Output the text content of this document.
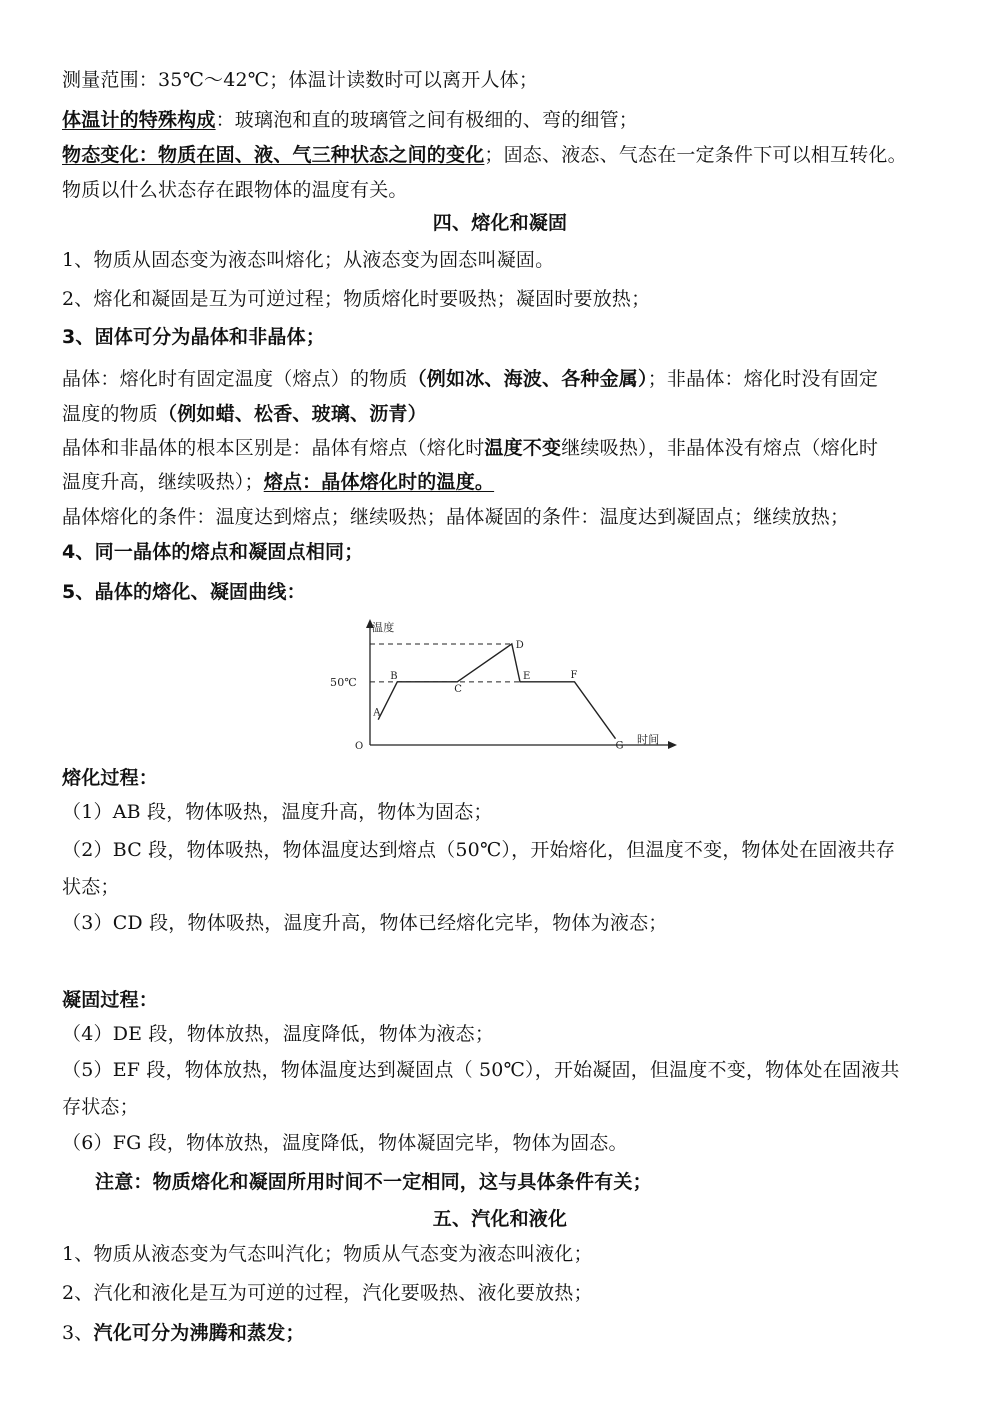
测量范围：35℃～42℃；体温计读数时可以离开人体；
体温计的特殊构成：玻璃泡和直的玻璃管之间有极细的、弯的细管；
物态变化：物质在固、液、气三种状态之间的变化；固态、液态、气态在一定条件下可以相互转化。
物质以什么状态存在跟物体的温度有关。
四、熔化和凝固
1、物质从固态变为液态叫熔化；从液态变为固态叫凝固。
2、熔化和凝固是互为可逆过程；物质熔化时要吸热；凝固时要放热；
3、固体可分为晶体和非晶体；
晶体：熔化时有固定温度（熔点）的物质（例如冰、海波、各种金属）；非晶体：熔化时没有固定
温度的物质（例如蜡、松香、玻璃、沥青）
晶体和非晶体的根本区别是：晶体有熔点（熔化时温度不变继续吸热），非晶体没有熔点（熔化时
温度升高，继续吸热）；熔点：晶体熔化时的温度。
晶体熔化的条件：温度达到熔点；继续吸热；晶体凝固的条件：温度达到凝固点；继续放热；
4、同一晶体的熔点和凝固点相同；
5、晶体的熔化、凝固曲线：
温度
时间
50℃
O
A
B
C
D
E	F
G
熔化过程：
（1）AB 段，物体吸热，温度升高，物体为固态；
（2）BC 段，物体吸热，物体温度达到熔点（50℃），开始熔化，但温度不变，物体处在固液共存
状态；
（3）CD 段，物体吸热，温度升高，物体已经熔化完毕，物体为液态；
凝固过程：
（4）DE 段，物体放热，温度降低，物体为液态；
（5）EF 段，物体放热，物体温度达到凝固点（ 50℃），开始凝固，但温度不变，物体处在固液共
存状态；
（6）FG 段，物体放热，温度降低，物体凝固完毕，物体为固态。
注意：物质熔化和凝固所用时间不一定相同，这与具体条件有关；
五、汽化和液化
1、物质从液态变为气态叫汽化；物质从气态变为液态叫液化；
2、汽化和液化是互为可逆的过程，汽化要吸热、液化要放热；
3、汽化可分为沸腾和蒸发；
